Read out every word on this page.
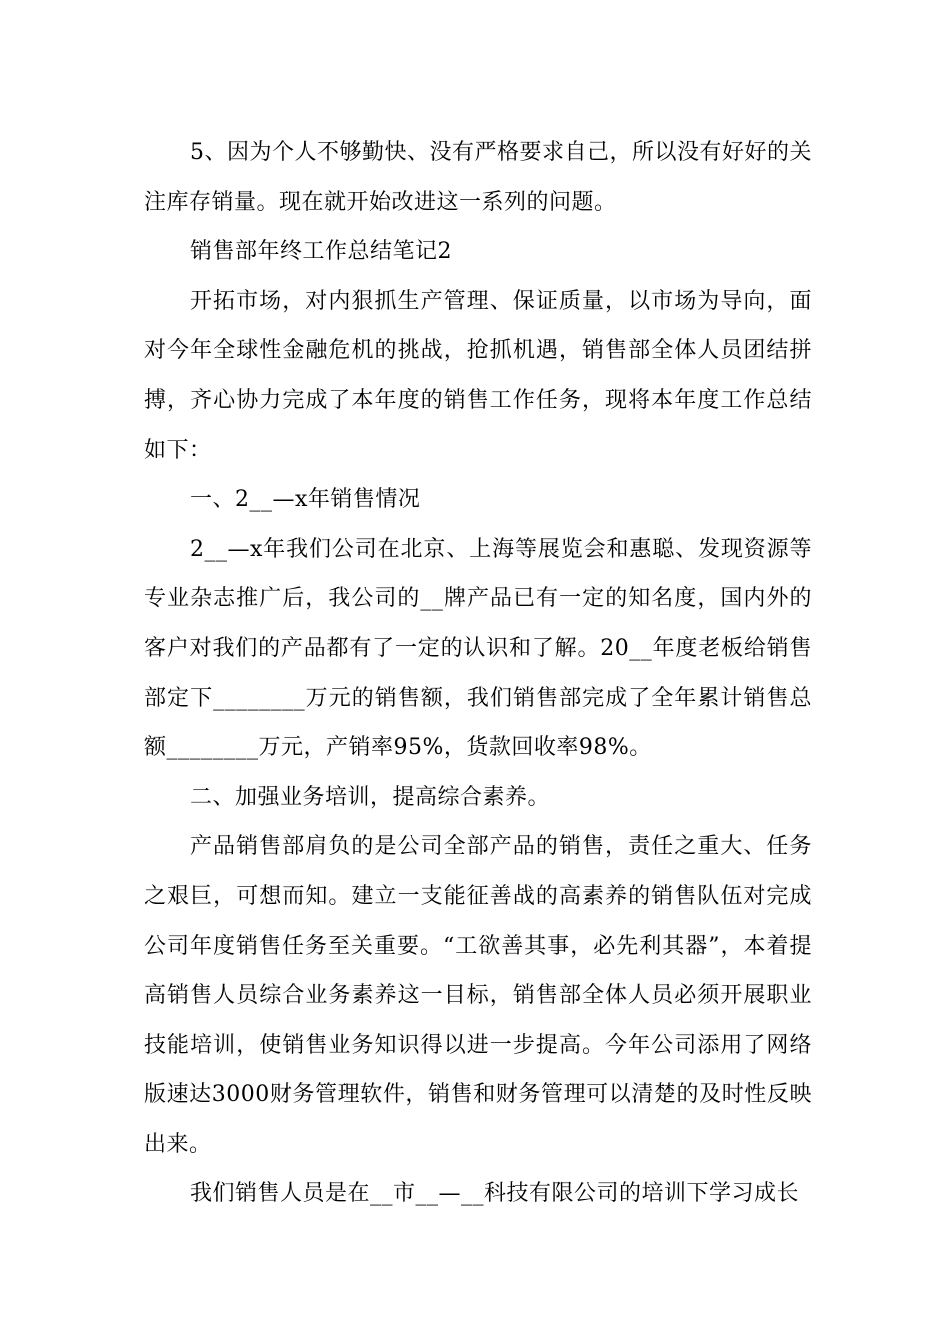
5、因为个人不够勤快、没有严格要求自己，所以没有好好的关注库存销量。现在就开始改进这一系列的问题。

销售部年终工作总结笔记2

开拓市场，对内狠抓生产管理、保证质量，以市场为导向，面对今年全球性金融危机的挑战，抢抓机遇，销售部全体人员团结拼搏，齐心协力完成了本年度的销售工作任务，现将本年度工作总结如下：

一、2__—x年销售情况

2__—x年我们公司在北京、上海等展览会和惠聪、发现资源等专业杂志推广后，我公司的__牌产品已有一定的知名度，国内外的客户对我们的产品都有了一定的认识和了解。20__年度老板给销售部定下________万元的销售额，我们销售部完成了全年累计销售总额________万元，产销率95%，货款回收率98%。

二、加强业务培训，提高综合素养。

产品销售部肩负的是公司全部产品的销售，责任之重大、任务之艰巨，可想而知。建立一支能征善战的高素养的销售队伍对完成公司年度销售任务至关重要。“工欲善其事，必先利其器”，本着提高销售人员综合业务素养这一目标，销售部全体人员必须开展职业技能培训，使销售业务知识得以进一步提高。今年公司添用了网络版速达3000财务管理软件，销售和财务管理可以清楚的及时性反映出来。

我们销售人员是在__市__—__科技有限公司的培训下学习成长
